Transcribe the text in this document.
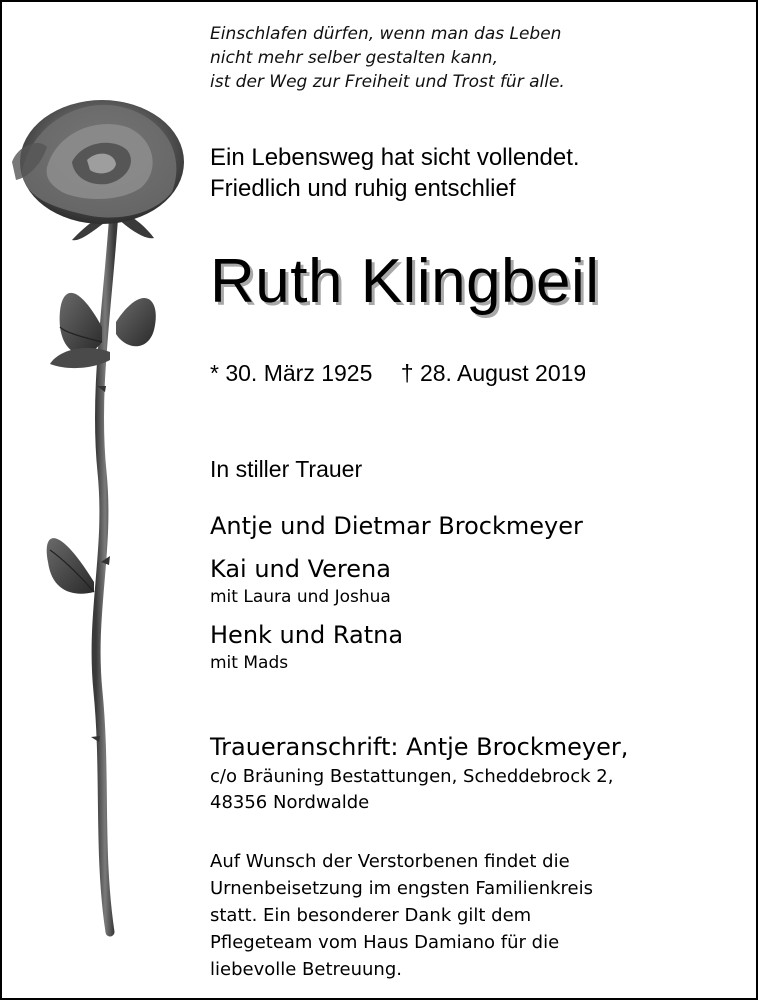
Einschlafen dürfen, wenn man das Leben
nicht mehr selber gestalten kann,
ist der Weg zur Freiheit und Trost für alle.
Ein Lebensweg hat sicht vollendet.
Friedlich und ruhig entschlief
Ruth Klingbeil
* 30. März 1925 † 28. August 2019
In stiller Trauer
Antje und Dietmar Brockmeyer
Kai und Verena
mit Laura und Joshua
Henk und Ratna
mit Mads
Traueranschrift: Antje Brockmeyer,
c/o Bräuning Bestattungen, Scheddebrock 2,
48356 Nordwalde
Auf Wunsch der Verstorbenen findet die
Urnenbeisetzung im engsten Familienkreis
statt. Ein besonderer Dank gilt dem
Pflegeteam vom Haus Damiano für die
liebevolle Betreuung.
